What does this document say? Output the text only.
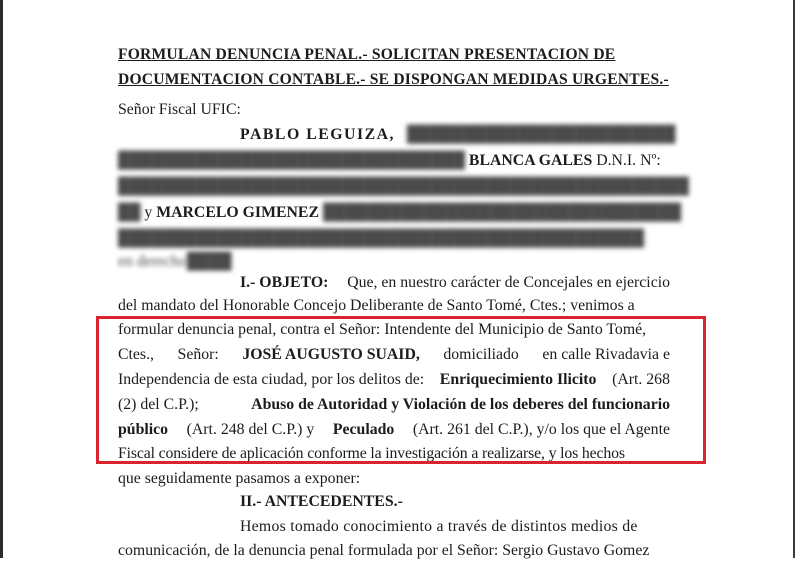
FORMULAN DENUNCIA PENAL.- SOLICITAN PRESENTACION DE
DOCUMENTACION CONTABLE.- SE DISPONGAN MEDIDAS URGENTES.-
Señor Fiscal UFIC:
PABLO LEGUIZA,   ████████████████████████
███████████████████████████████ BLANCA GALES D.N.I. Nº:
███████████████████████████████████████████████████
██ y MARCELO GIMENEZ ████████████████████████████████
███████████████████████████████████████████████
en derecho████
I.- OBJETO: Que, en nuestro carácter de Concejales en ejercicio
del mandato del Honorable Concejo Deliberante de Santo Tomé, Ctes.; venimos a
formular denuncia penal, contra el Señor: Intendente del Municipio de Santo Tomé,
Ctes., Señor: JOSÉ AUGUSTO SUAID, domiciliado en calle Rivadavia e
Independencia de esta ciudad, por los delitos de: Enriquecimiento Ilicito (Art. 268
(2) del C.P.);	Abuso de Autoridad y Violación de los deberes del funcionario
público (Art. 248 del C.P.) y Peculado (Art. 261 del C.P.), y/o los que el Agente
Fiscal considere de aplicación conforme la investigación a realizarse, y los hechos
que seguidamente pasamos a exponer:
II.- ANTECEDENTES.-
Hemos tomado conocimiento a través de distintos medios de
comunicación, de la denuncia penal formulada por el Señor: Sergio Gustavo Gomez
